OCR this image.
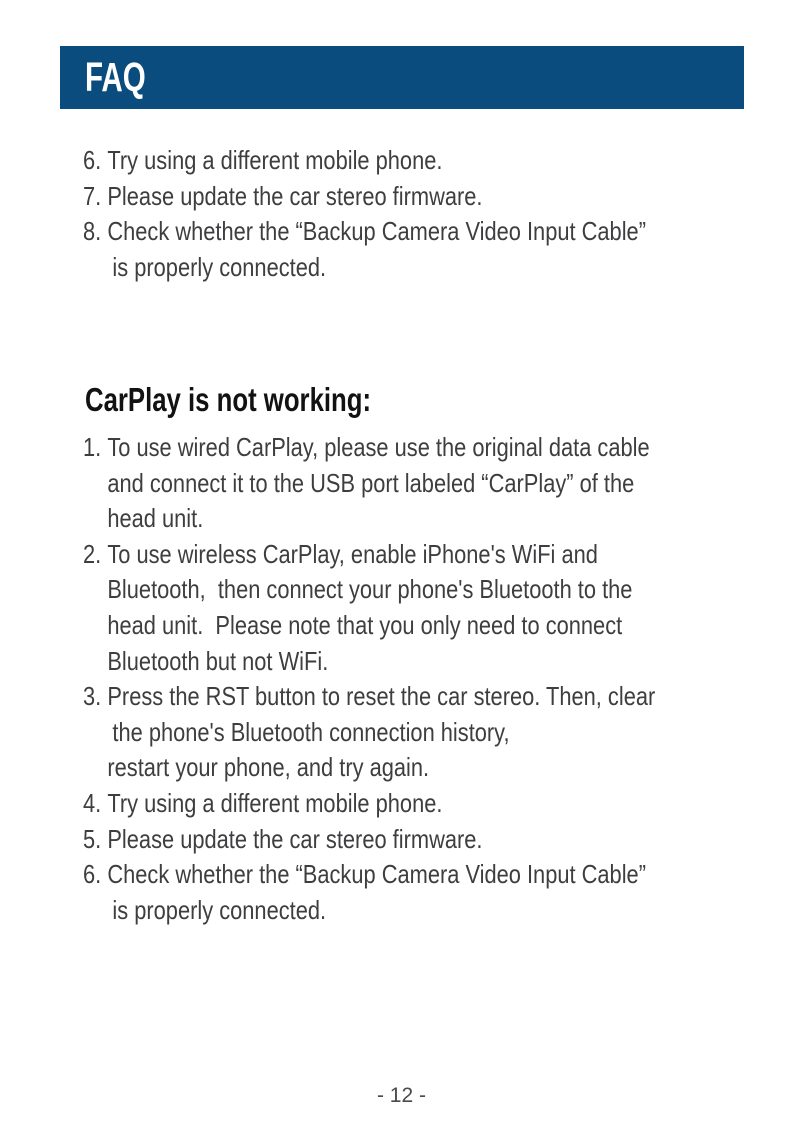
FAQ
6. Try using a different mobile phone.
7. Please update the car stereo firmware.
8. Check whether the “Backup Camera Video Input Cable”
is properly connected.
CarPlay is not working:
1. To use wired CarPlay, please use the original data cable
and connect it to the USB port labeled “CarPlay” of the
head unit.
2. To use wireless CarPlay, enable iPhone's WiFi and
Bluetooth,  then connect your phone's Bluetooth to the
head unit.  Please note that you only need to connect
Bluetooth but not WiFi.
3. Press the RST button to reset the car stereo. Then, clear
the phone's Bluetooth connection history,
restart your phone, and try again.
4. Try using a different mobile phone.
5. Please update the car stereo firmware.
6. Check whether the “Backup Camera Video Input Cable”
is properly connected.
- 12 -
